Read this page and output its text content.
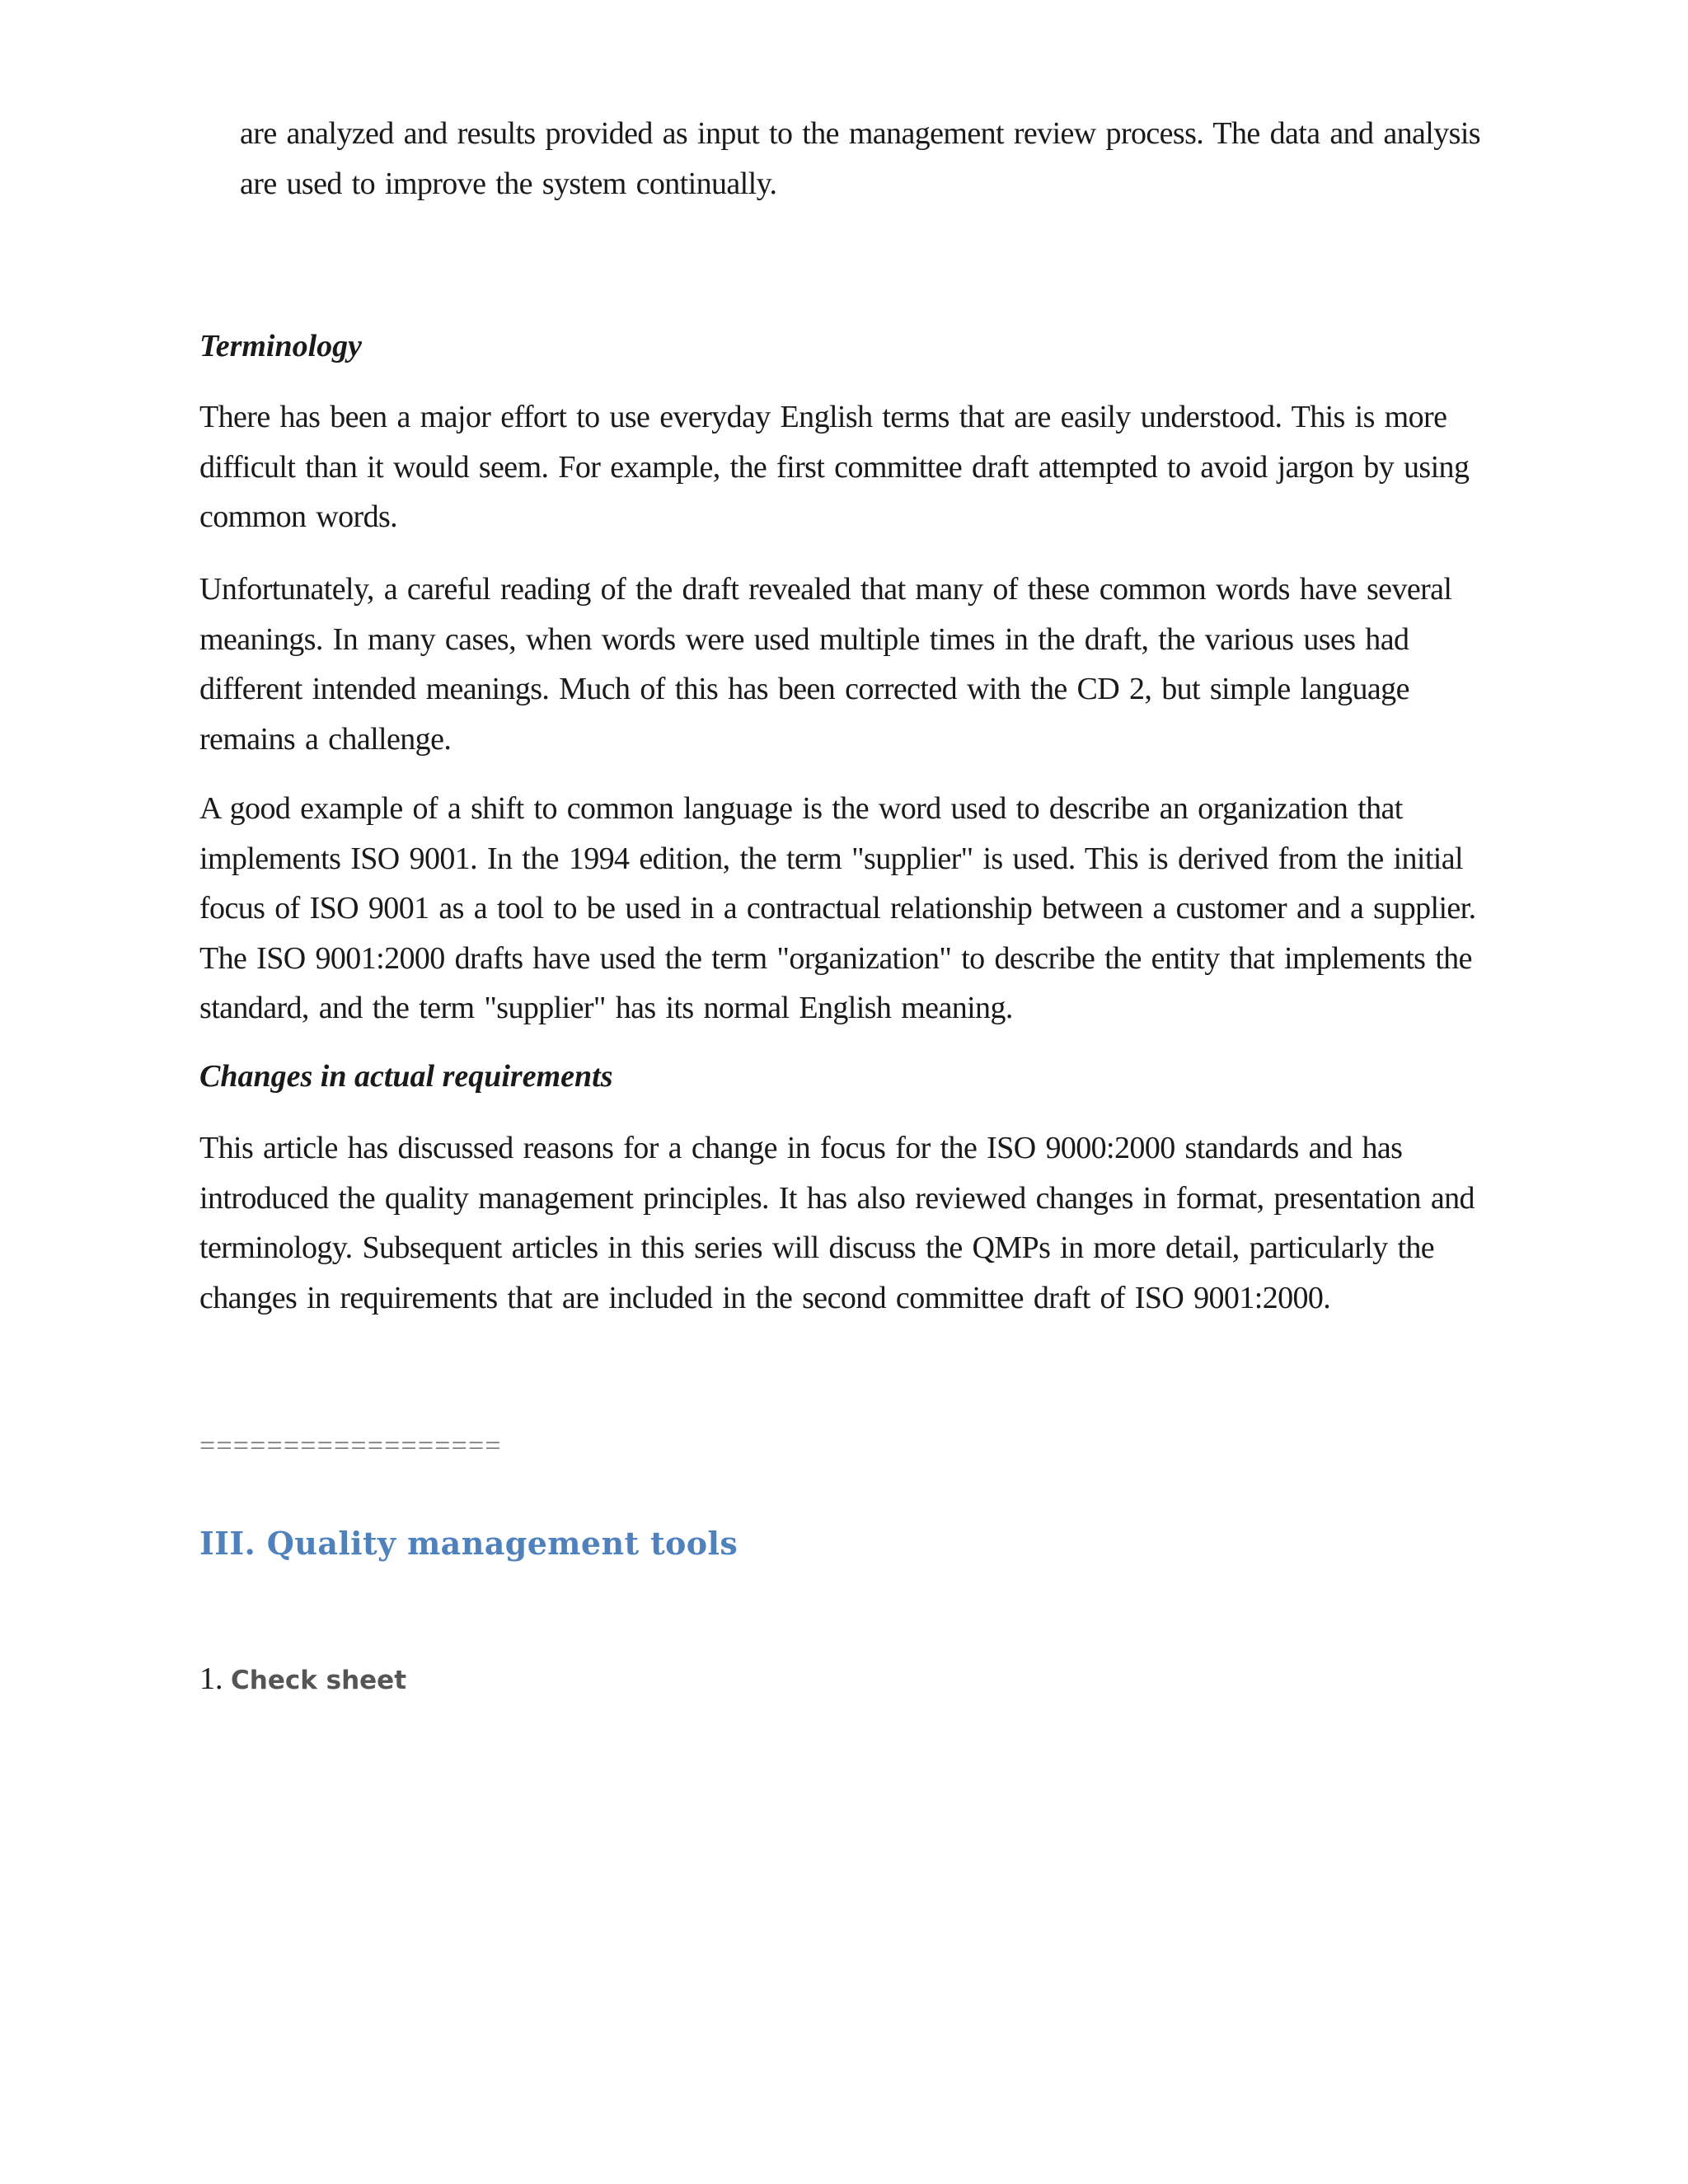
are analyzed and results provided as input to the management review process. The data and analysis are used to improve the system continually.

Terminology

There has been a major effort to use everyday English terms that are easily understood. This is more difficult than it would seem. For example, the first committee draft attempted to avoid jargon by using common words.

Unfortunately, a careful reading of the draft revealed that many of these common words have several meanings. In many cases, when words were used multiple times in the draft, the various uses had different intended meanings. Much of this has been corrected with the CD 2, but simple language remains a challenge.

A good example of a shift to common language is the word used to describe an organization that implements ISO 9001. In the 1994 edition, the term "supplier" is used. This is derived from the initial focus of ISO 9001 as a tool to be used in a contractual relationship between a customer and a supplier. The ISO 9001:2000 drafts have used the term "organization" to describe the entity that implements the standard, and the term "supplier" has its normal English meaning.

Changes in actual requirements

This article has discussed reasons for a change in focus for the ISO 9000:2000 standards and has introduced the quality management principles. It has also reviewed changes in format, presentation and terminology. Subsequent articles in this series will discuss the QMPs in more detail, particularly the changes in requirements that are included in the second committee draft of ISO 9001:2000.

==================
III. Quality management tools
1. Check sheet
